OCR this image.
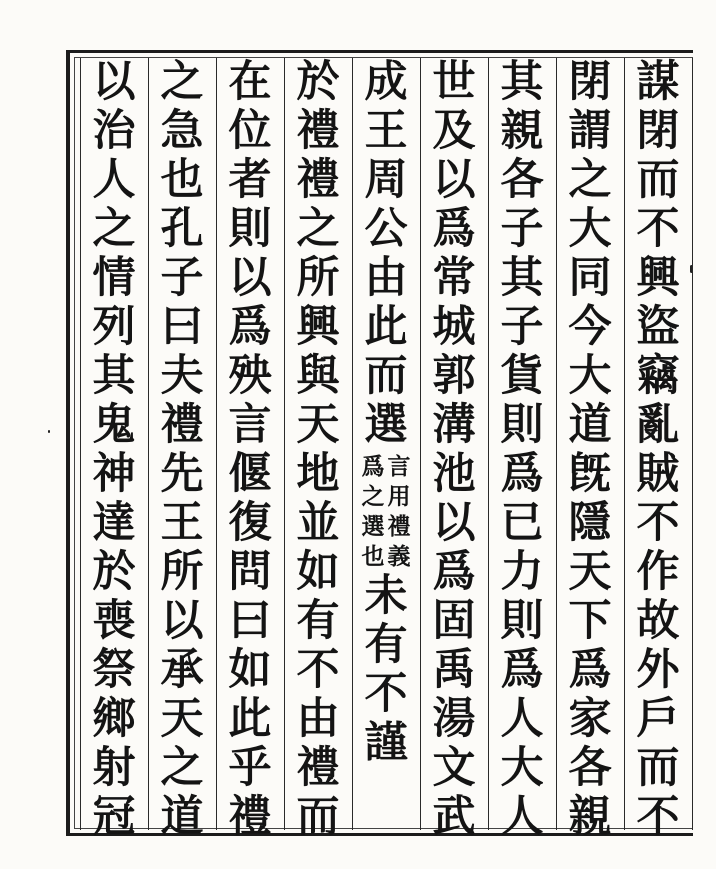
謀
閉
而
不
興
盜
竊
亂
賊
不
作
故
外
戶
而
不
閉
謂
之
大
同
今
大
道
旣
隱
天
下
爲
家
各
親
其
親
各
子
其
子
貨
則
爲
已
力
則
爲
人
大
人
世
及
以
爲
常
城
郭
溝
池
以
爲
固
禹
湯
文
武
成
王
周
公
由
此
而
選
言
用
禮
義
爲
之
選
也
未
有
不
謹
於
禮
禮
之
所
興
與
天
地
並
如
有
不
由
禮
而
在
位
者
則
以
爲
殃
言
偃
復
問
曰
如
此
乎
禮
之
急
也
孔
子
曰
夫
禮
先
王
所
以
承
天
之
道
以
治
人
之
情
列
其
鬼
神
達
於
喪
祭
鄉
射
冠
